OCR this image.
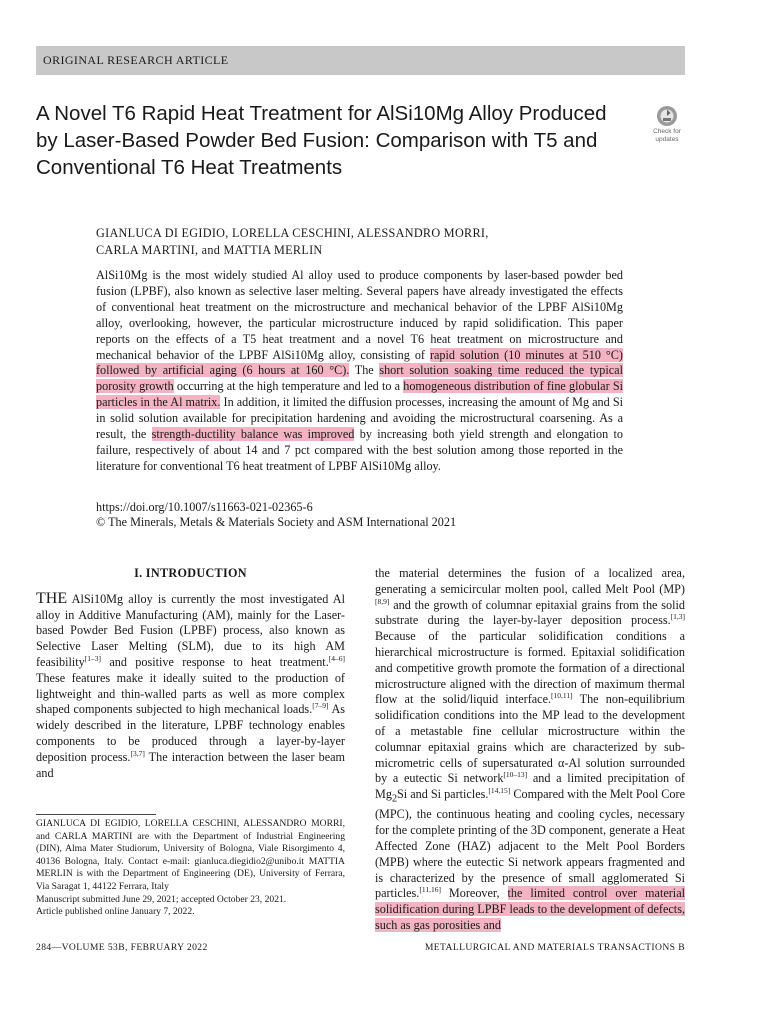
ORIGINAL RESEARCH ARTICLE
A Novel T6 Rapid Heat Treatment for AlSi10Mg Alloy Produced by Laser-Based Powder Bed Fusion: Comparison with T5 and Conventional T6 Heat Treatments
Check for
updates
GIANLUCA DI EGIDIO, LORELLA CESCHINI, ALESSANDRO MORRI,
CARLA MARTINI, and MATTIA MERLIN

AlSi10Mg is the most widely studied Al alloy used to produce components by laser-based powder bed fusion (LPBF), also known as selective laser melting. Several papers have already investigated the effects of conventional heat treatment on the microstructure and mechanical behavior of the LPBF AlSi10Mg alloy, overlooking, however, the particular microstructure induced by rapid solidification. This paper reports on the effects of a T5 heat treatment and a novel T6 heat treatment on microstructure and mechanical behavior of the LPBF AlSi10Mg alloy, consisting of rapid solution (10 minutes at 510 °C) followed by artificial aging (6 hours at 160 °C). The short solution soaking time reduced the typical porosity growth occurring at the high temperature and led to a homogeneous distribution of fine globular Si particles in the Al matrix. In addition, it limited the diffusion processes, increasing the amount of Mg and Si in solid solution available for precipitation hardening and avoiding the microstructural coarsening. As a result, the strength-ductility balance was improved by increasing both yield strength and elongation to failure, respectively of about 14 and 7 pct compared with the best solution among those reported in the literature for conventional T6 heat treatment of LPBF AlSi10Mg alloy.

https://doi.org/10.1007/s11663-021-02365-6
© The Minerals, Metals & Materials Society and ASM International 2021
I. INTRODUCTION

THE AlSi10Mg alloy is currently the most investigated Al alloy in Additive Manufacturing (AM), mainly for the Laser-based Powder Bed Fusion (LPBF) process, also known as Selective Laser Melting (SLM), due to its high AM feasibility[1–3] and positive response to heat treatment.[4–6] These features make it ideally suited to the production of lightweight and thin-walled parts as well as more complex shaped components subjected to high mechanical loads.[7–9] As widely described in the literature, LPBF technology enables components to be produced through a layer-by-layer deposition process.[3,7] The interaction between the laser beam and

the material determines the fusion of a localized area, generating a semicircular molten pool, called Melt Pool (MP)[8,9] and the growth of columnar epitaxial grains from the solid substrate during the layer-by-layer deposition process.[1,3] Because of the particular solidification conditions a hierarchical microstructure is formed. Epitaxial solidification and competitive growth promote the formation of a directional microstructure aligned with the direction of maximum thermal flow at the solid/liquid interface.[10,11] The non-equilibrium solidification conditions into the MP lead to the development of a metastable fine cellular microstructure within the columnar epitaxial grains which are characterized by sub-micrometric cells of supersaturated α-Al solution surrounded by a eutectic Si network[10–13] and a limited precipitation of $Mg_2Si$ and Si particles.[14,15] Compared with the Melt Pool Core (MPC), the continuous heating and cooling cycles, necessary for the complete printing of the 3D component, generate a Heat Affected Zone (HAZ) adjacent to the Melt Pool Borders (MPB) where the eutectic Si network appears fragmented and is characterized by the presence of small agglomerated Si particles.[11,16] Moreover, the limited control over material solidification during LPBF leads to the development of defects, such as gas porosities and

GIANLUCA DI EGIDIO, LORELLA CESCHINI, ALESSANDRO MORRI, and CARLA MARTINI are with the Department of Industrial Engineering (DIN), Alma Mater Studiorum, University of Bologna, Viale Risorgimento 4, 40136 Bologna, Italy. Contact e-mail: gianluca.diegidio2@unibo.it MATTIA MERLIN is with the Department of Engineering (DE), University of Ferrara, Via Saragat 1, 44122 Ferrara, Italy

Manuscript submitted June 29, 2021; accepted October 23, 2021.

Article published online January 7, 2022.

284—VOLUME 53B, FEBRUARY 2022	METALLURGICAL AND MATERIALS TRANSACTIONS B
